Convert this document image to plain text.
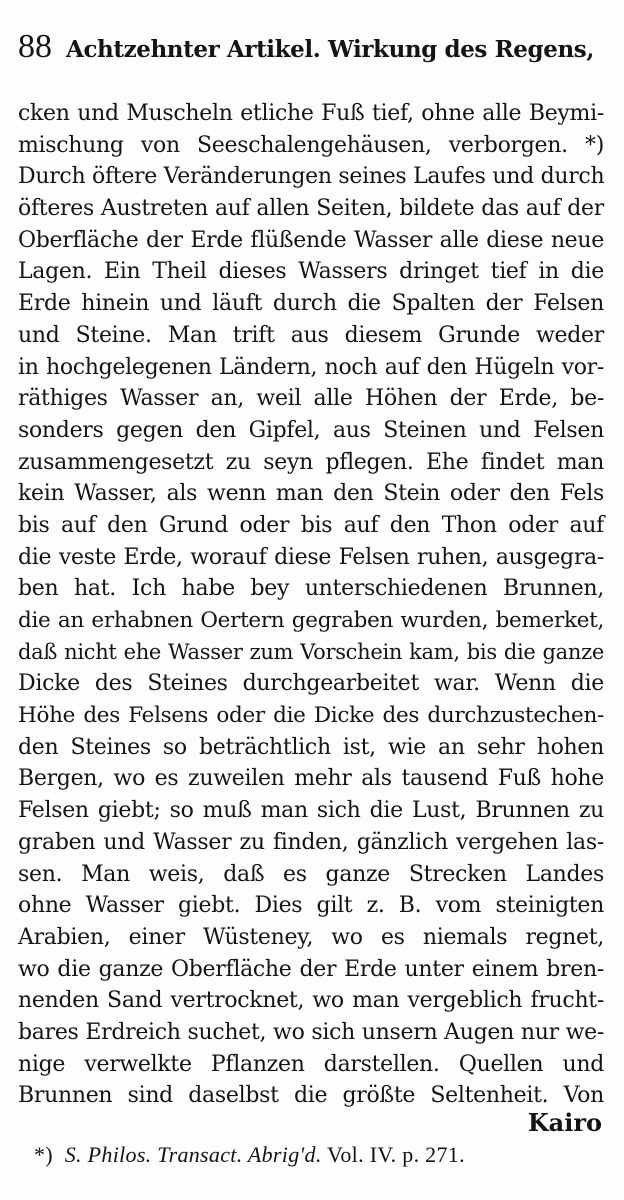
88 Achtzehnter Artikel. Wirkung des Regens,
cken und Muscheln etliche Fuß tief, ohne alle Beymi-
mischung von Seeschalengehäusen, verborgen. *)
Durch öftere Veränderungen seines Laufes und durch
öfteres Austreten auf allen Seiten, bildete das auf der
Oberfläche der Erde flüßende Wasser alle diese neue
Lagen. Ein Theil dieses Wassers dringet tief in die
Erde hinein und läuft durch die Spalten der Felsen
und Steine. Man trift aus diesem Grunde weder
in hochgelegenen Ländern, noch auf den Hügeln vor-
räthiges Wasser an, weil alle Höhen der Erde, be-
sonders gegen den Gipfel, aus Steinen und Felsen
zusammengesetzt zu seyn pflegen. Ehe findet man
kein Wasser, als wenn man den Stein oder den Fels
bis auf den Grund oder bis auf den Thon oder auf
die veste Erde, worauf diese Felsen ruhen, ausgegra-
ben hat. Ich habe bey unterschiedenen Brunnen,
die an erhabnen Oertern gegraben wurden, bemerket,
daß nicht ehe Wasser zum Vorschein kam, bis die ganze
Dicke des Steines durchgearbeitet war. Wenn die
Höhe des Felsens oder die Dicke des durchzustechen-
den Steines so beträchtlich ist, wie an sehr hohen
Bergen, wo es zuweilen mehr als tausend Fuß hohe
Felsen giebt; so muß man sich die Lust, Brunnen zu
graben und Wasser zu finden, gänzlich vergehen las-
sen. Man weis, daß es ganze Strecken Landes
ohne Wasser giebt. Dies gilt z. B. vom steinigten
Arabien, einer Wüsteney, wo es niemals regnet,
wo die ganze Oberfläche der Erde unter einem bren-
nenden Sand vertrocknet, wo man vergeblich frucht-
bares Erdreich suchet, wo sich unsern Augen nur we-
nige verwelkte Pflanzen darstellen. Quellen und
Brunnen sind daselbst die größte Seltenheit. Von
Kairo
*) S. Philos. Transact. Abrig'd. Vol. IV. p. 271.
